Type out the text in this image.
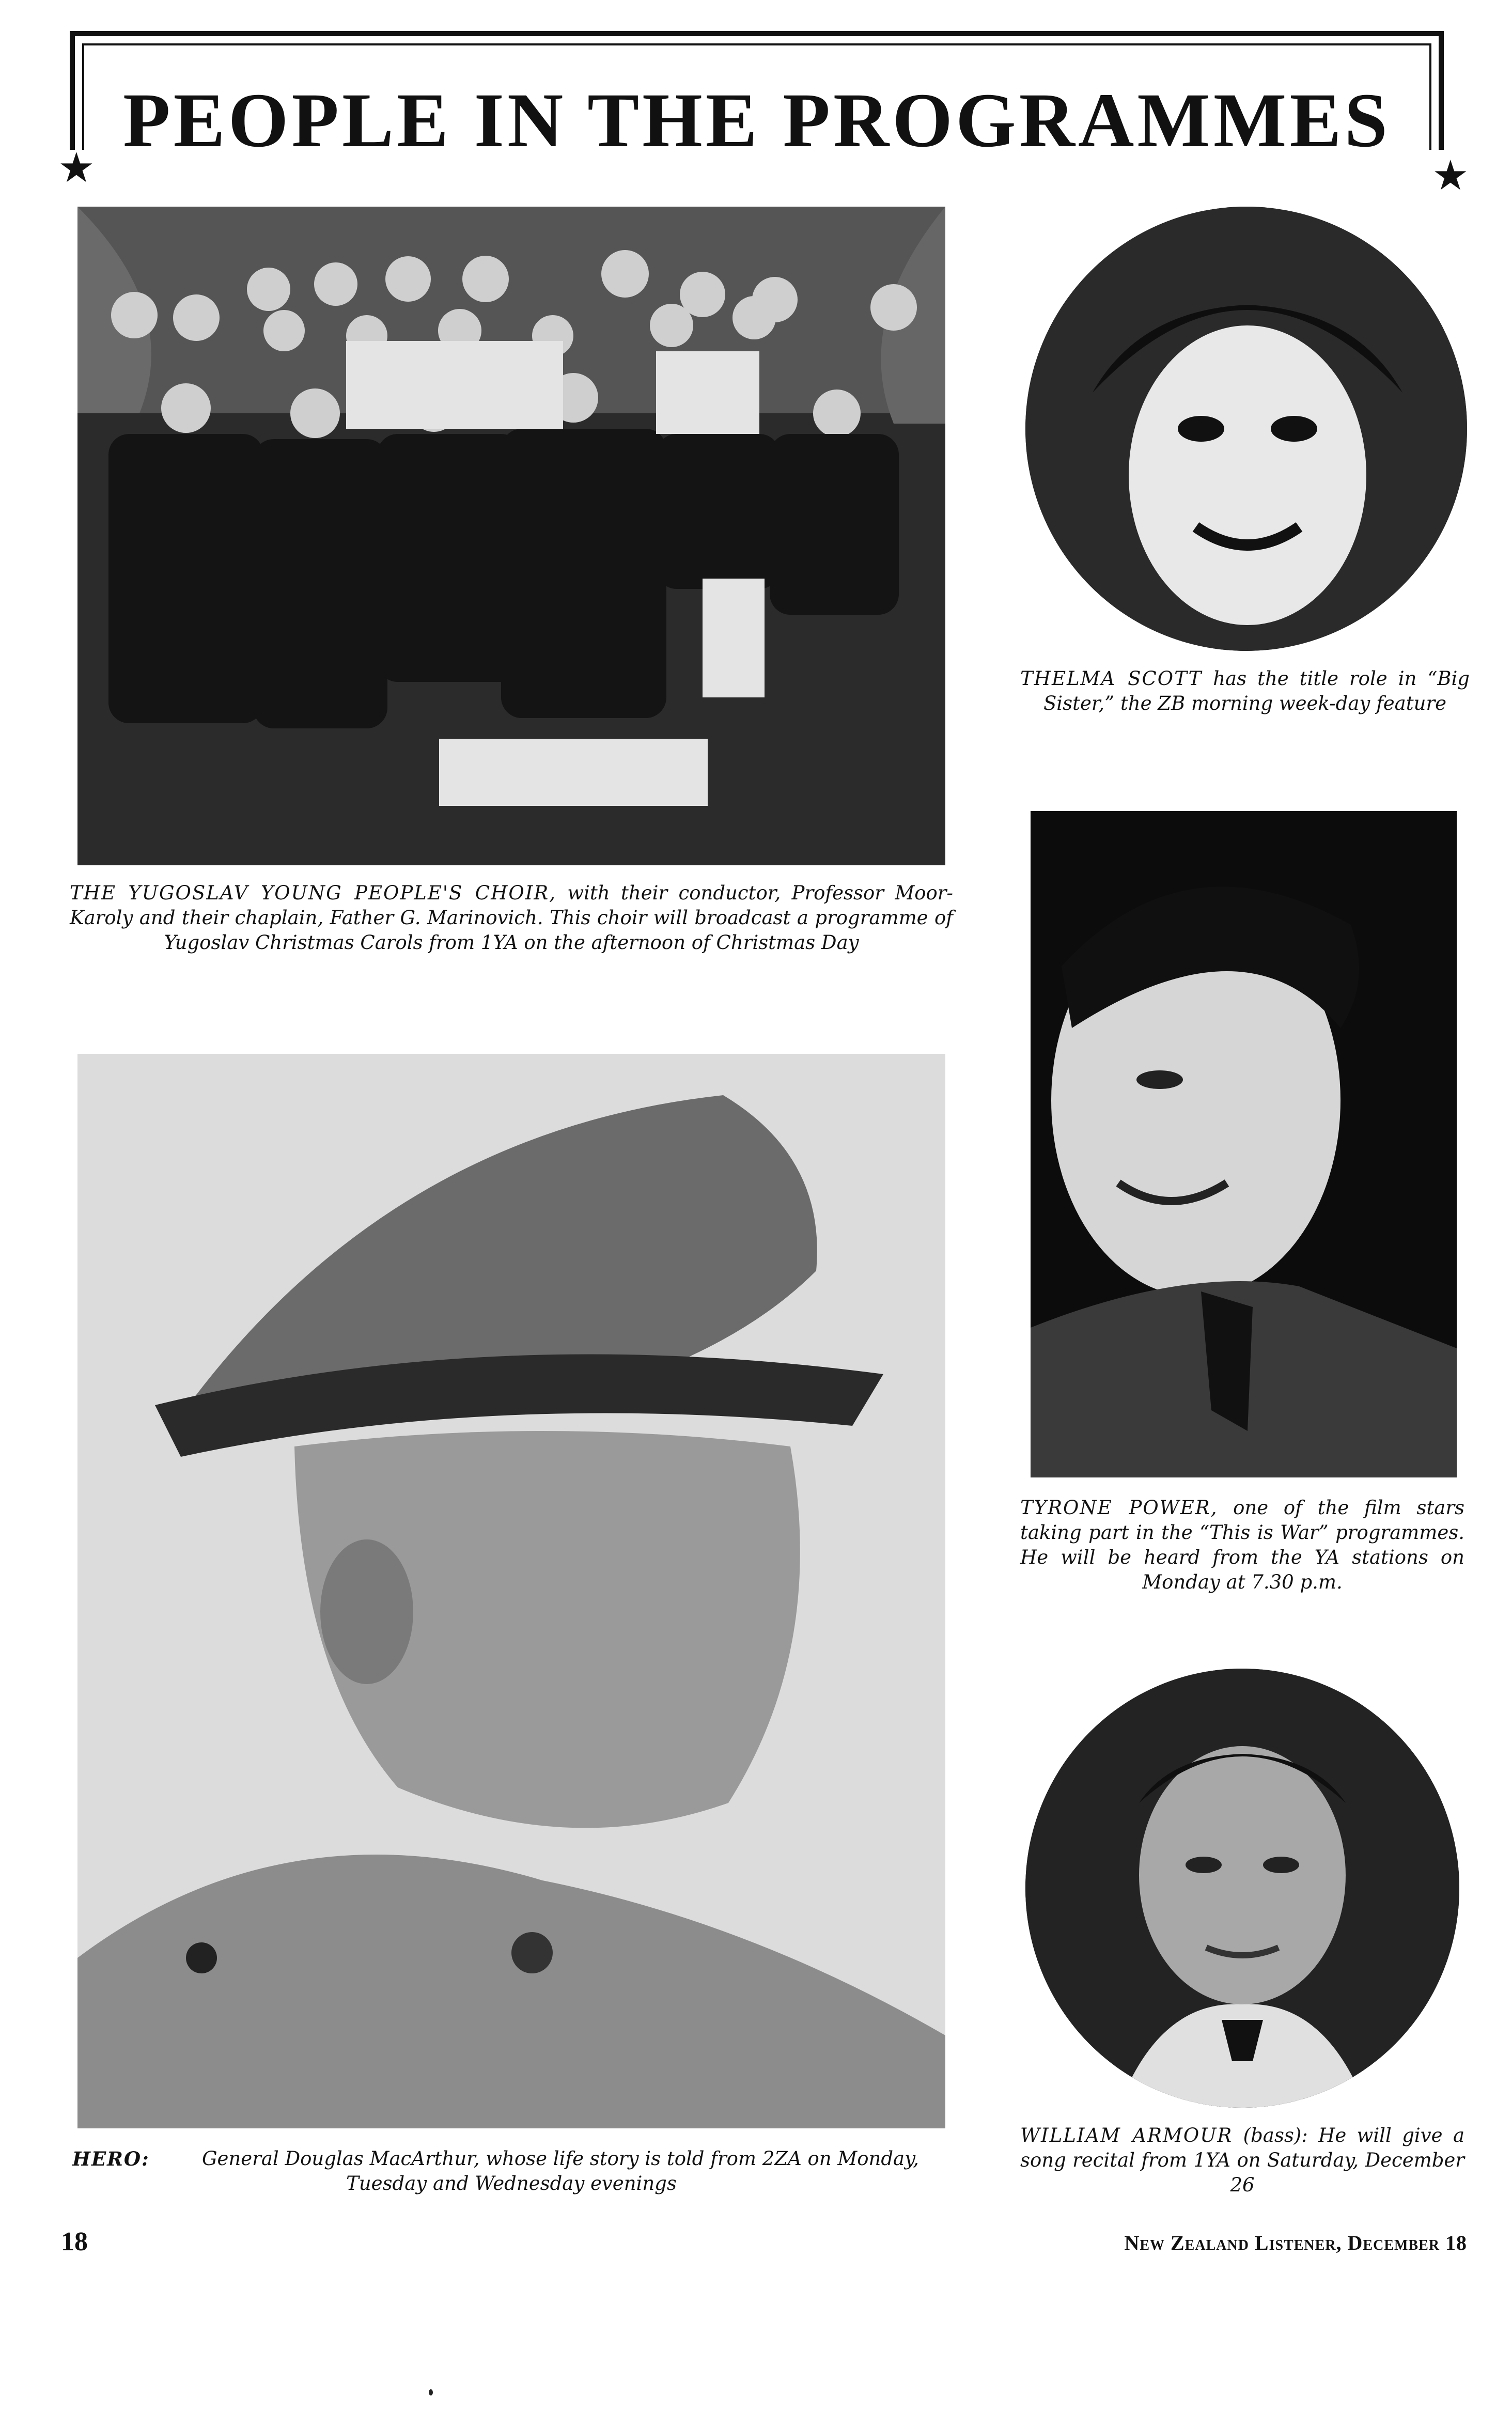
PEOPLE IN THE PROGRAMMES
★	★

THE YUGOSLAV YOUNG PEOPLE'S CHOIR, with their conductor, Professor Moor-Karoly and their chaplain, Father G. Marinovich. This choir will broadcast a programme of Yugoslav Christmas Carols from 1YA on the afternoon of Christmas Day

THELMA SCOTT has the title role in “Big Sister,” the ZB morning week-day feature

TYRONE POWER, one of the film stars taking part in the “This is War” programmes. He will be heard from the YA stations on Monday at 7.30 p.m.

HERO:	General Douglas MacArthur, whose life story is told from 2ZA on Monday, Tuesday and Wednesday evenings

WILLIAM ARMOUR (bass): He will give a song recital from 1YA on Saturday, December 26

18	New Zealand Listener, December 18
